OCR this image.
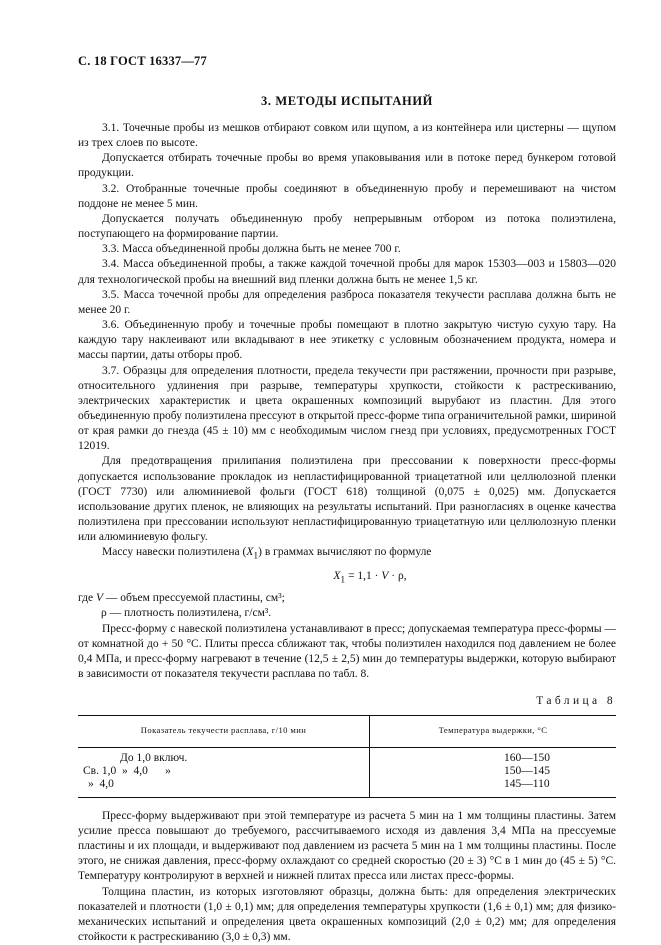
С. 18 ГОСТ 16337—77
3. МЕТОДЫ ИСПЫТАНИЙ

3.1. Точечные пробы из мешков отбирают совком или щупом, а из контейнера или цистерны — щупом из трех слоев по высоте.

Допускается отбирать точечные пробы во время упаковывания или в потоке перед бункером готовой продукции.

3.2. Отобранные точечные пробы соединяют в объединенную пробу и перемешивают на чистом поддоне не менее 5 мин.

Допускается получать объединенную пробу непрерывным отбором из потока полиэтилена, поступающего на формирование партии.

3.3. Масса объединенной пробы должна быть не менее 700 г.

3.4. Масса объединенной пробы, а также каждой точечной пробы для марок 15303—003 и 15803—020 для технологической пробы на внешний вид пленки должна быть не менее 1,5 кг.

3.5. Масса точечной пробы для определения разброса показателя текучести расплава должна быть не менее 20 г.

3.6. Объединенную пробу и точечные пробы помещают в плотно закрытую чистую сухую тару. На каждую тару наклеивают или вкладывают в нее этикетку с условным обозначением продукта, номера и массы партии, даты отборы проб.

3.7. Образцы для определения плотности, предела текучести при растяжении, прочности при разрыве, относительного удлинения при разрыве, температуры хрупкости, стойкости к растрескиванию, электрических характеристик и цвета окрашенных композиций вырубают из пластин. Для этого объединенную пробу полиэтилена прессуют в открытой пресс-форме типа ограничительной рамки, шириной от края рамки до гнезда (45 ± 10) мм с необходимым числом гнезд при условиях, предусмотренных ГОСТ 12019.

Для предотвращения прилипания полиэтилена при прессовании к поверхности пресс-формы допускается использование прокладок из непластифицированной триацетатной или целлюлозной пленки (ГОСТ 7730) или алюминиевой фольги (ГОСТ 618) толщиной (0,075 ± 0,025) мм. Допускается использование других пленок, не влияющих на результаты испытаний. При разногласиях в оценке качества полиэтилена при прессовании используют непластифицированную триацетатную или целлюлозную пленки или алюминиевую фольгу.

Массу навески полиэтилена $(X_1)$ в граммах вычисляют по формуле

$X_1 = 1,1 \cdot V \cdot \rho$,

где V — объем прессуемой пластины, см³;

ρ — плотность полиэтилена, г/см³.

Пресс-форму с навеской полиэтилена устанавливают в пресс; допускаемая температура пресс-формы — от комнатной до + 50 °С. Плиты пресса сближают так, чтобы полиэтилен находился под давлением не более 0,4 МПа, и пресс-форму нагревают в течение (12,5 ± 2,5) мин до температуры выдержки, которую выбирают в зависимости от показателя текучести расплава по табл. 8.

Таблица 8
Показатель текучести расплава, г/10 мин	Температура выдержки, °С
До 1,0 включ.	160—150
Св. 1,0  »  4,0      »	150—145
»  4,0	145—110

Пресс-форму выдерживают при этой температуре из расчета 5 мин на 1 мм толщины пластины. Затем усилие пресса повышают до требуемого, рассчитываемого исходя из давления 3,4 МПа на прессуемые пластины и их площади, и выдерживают под давлением из расчета 5 мин на 1 мм толщины пластины. После этого, не снижая давления, пресс-форму охлаждают со средней скоростью (20 ± 3) °С в 1 мин до (45 ± 5) °С. Температуру контролируют в верхней и нижней плитах пресса или листах пресс-формы.

Толщина пластин, из которых изготовляют образцы, должна быть: для определения электрических показателей и плотности (1,0 ± 0,1) мм; для определения температуры хрупкости (1,6 ± 0,1) мм; для физико-механических испытаний и определения цвета окрашенных композиций (2,0 ± 0,2) мм; для определения стойкости к растрескиванию (3,0 ± 0,3) мм.
